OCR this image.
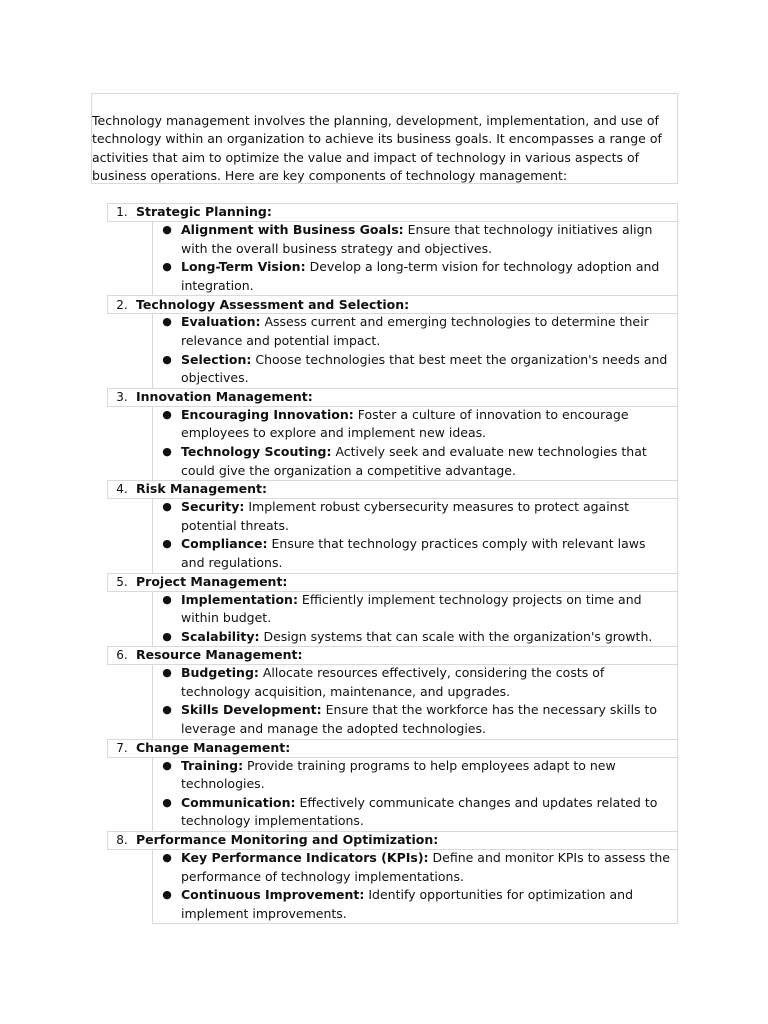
Technology management involves the planning, development, implementation, and use of technology within an organization to achieve its business goals. It encompasses a range of activities that aim to optimize the value and impact of technology in various aspects of business operations. Here are key components of technology management:

1. Strategic Planning:
● Alignment with Business Goals: Ensure that technology initiatives align with the overall business strategy and objectives.
● Long-Term Vision: Develop a long-term vision for technology adoption and integration.
2. Technology Assessment and Selection:
● Evaluation: Assess current and emerging technologies to determine their relevance and potential impact.
● Selection: Choose technologies that best meet the organization's needs and objectives.
3. Innovation Management:
● Encouraging Innovation: Foster a culture of innovation to encourage employees to explore and implement new ideas.
● Technology Scouting: Actively seek and evaluate new technologies that could give the organization a competitive advantage.
4. Risk Management:
● Security: Implement robust cybersecurity measures to protect against potential threats.
● Compliance: Ensure that technology practices comply with relevant laws and regulations.
5. Project Management:
● Implementation: Efficiently implement technology projects on time and within budget.
● Scalability: Design systems that can scale with the organization's growth.
6. Resource Management:
● Budgeting: Allocate resources effectively, considering the costs of technology acquisition, maintenance, and upgrades.
● Skills Development: Ensure that the workforce has the necessary skills to leverage and manage the adopted technologies.
7. Change Management:
● Training: Provide training programs to help employees adapt to new technologies.
● Communication: Effectively communicate changes and updates related to technology implementations.
8. Performance Monitoring and Optimization:
● Key Performance Indicators (KPIs): Define and monitor KPIs to assess the performance of technology implementations.
● Continuous Improvement: Identify opportunities for optimization and implement improvements.
